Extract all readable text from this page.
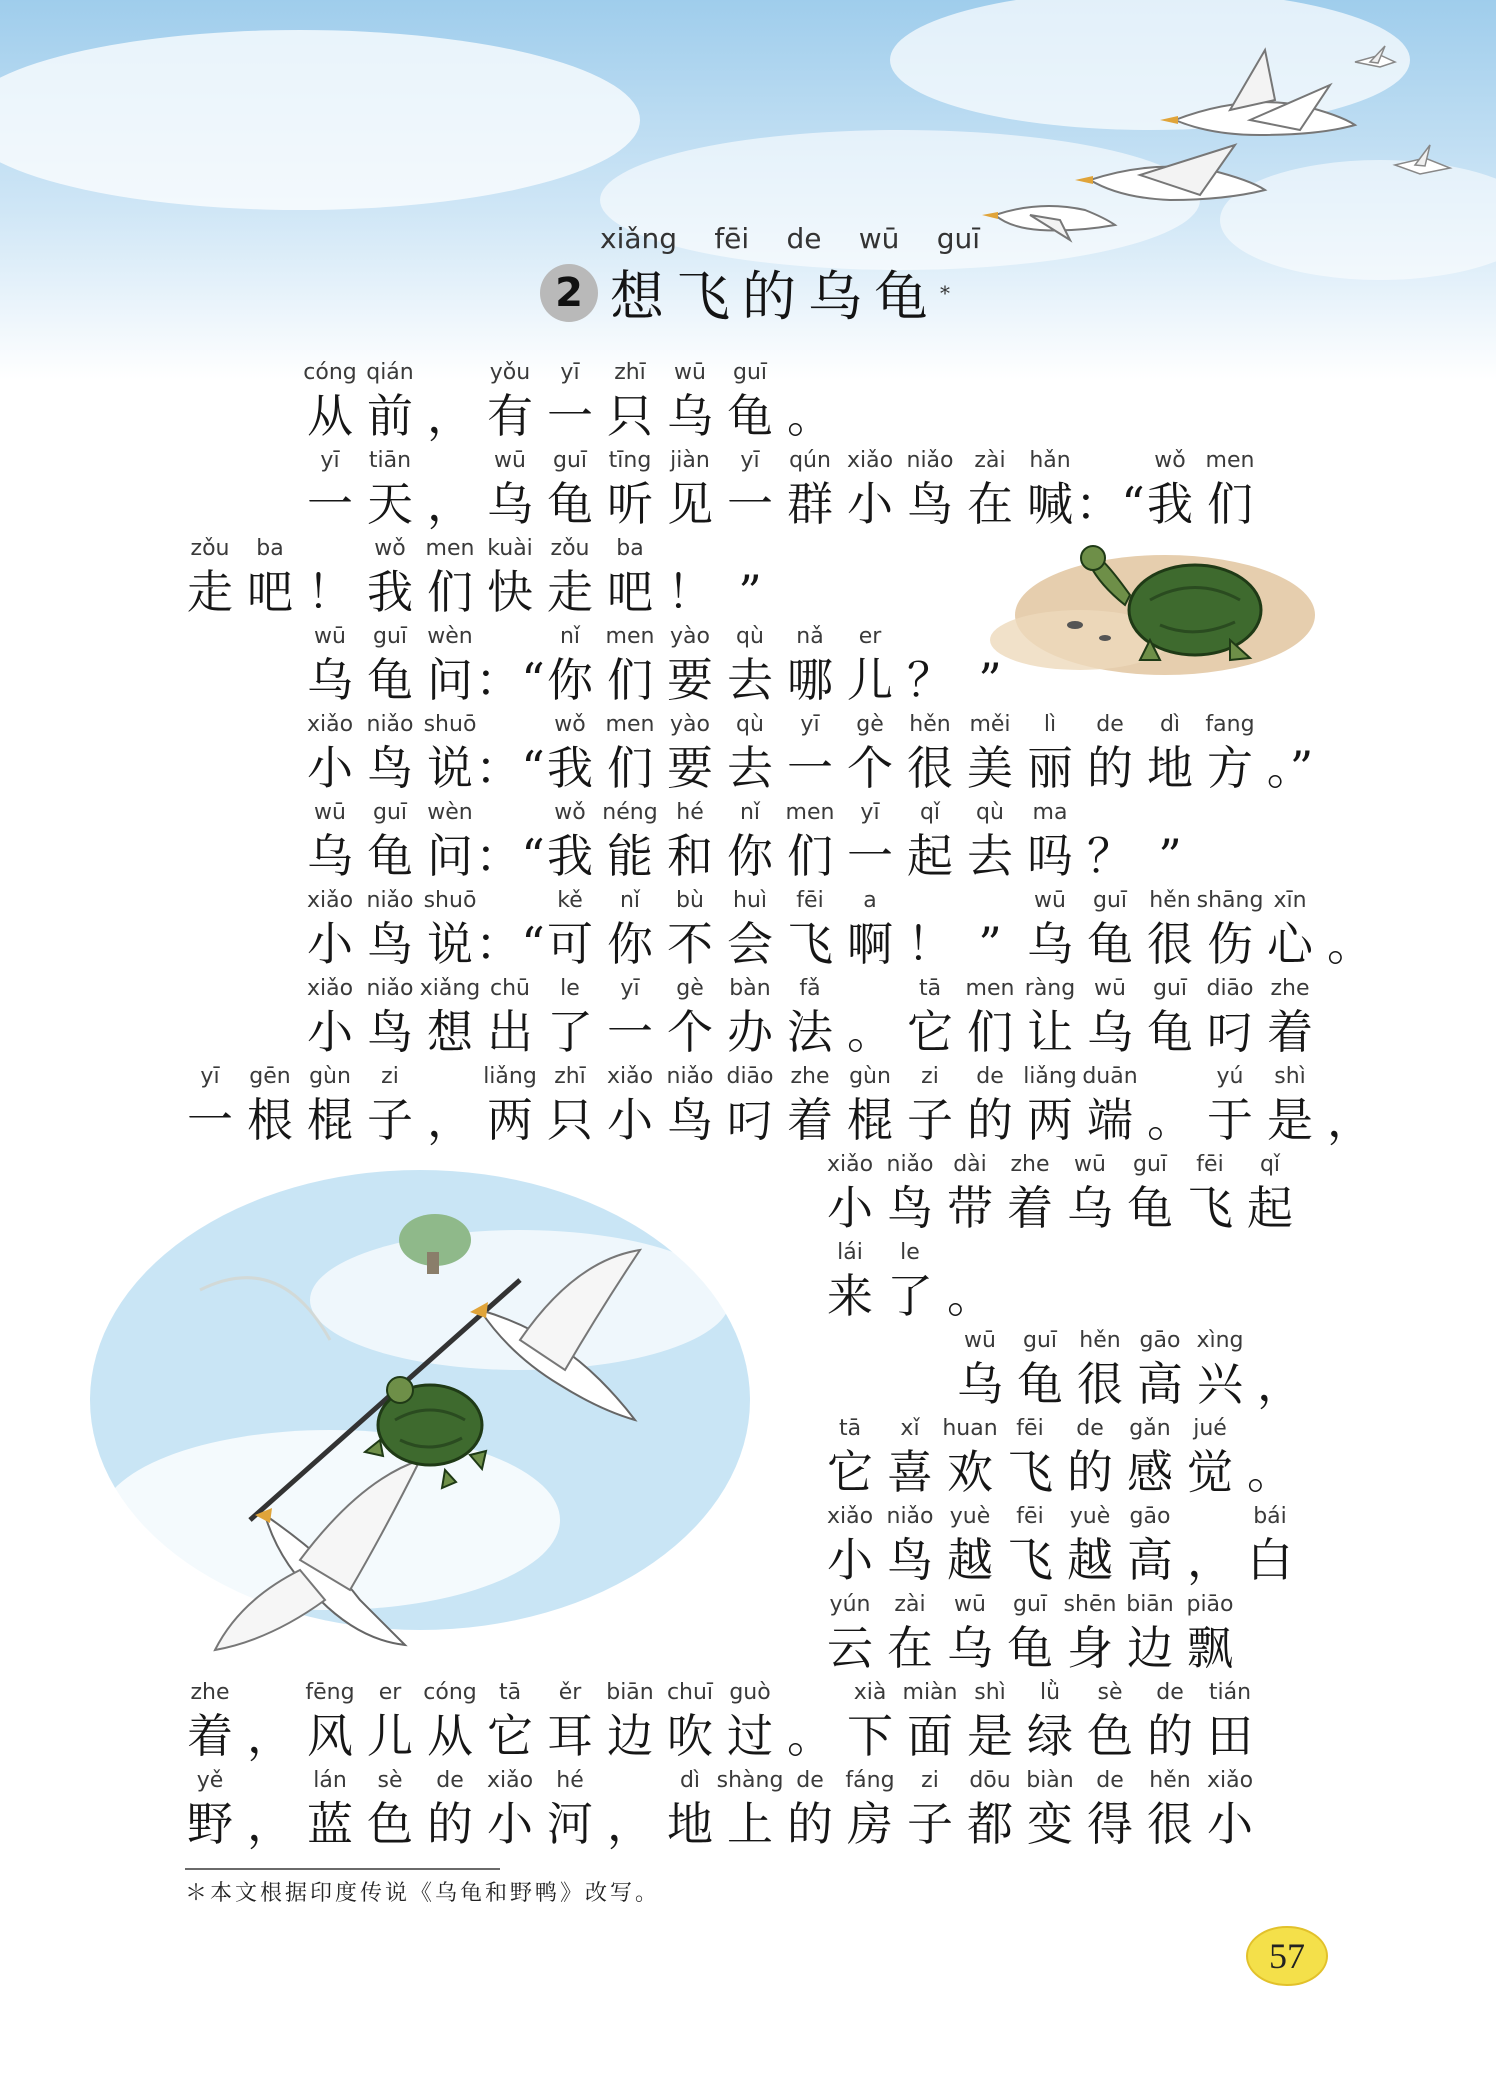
xiǎng fēi de wū guī
2 想飞的乌龟 *
cóng
从
qián
前 ，
yǒu
有
yī
一
zhī
只
wū
乌
guī
龟 。
yī
一
tiān
天 ，
wū
乌
guī
龟
tīng
听
jiàn
见
yī
一
qún
群
xiǎo
小
niǎo
鸟
zài
在
hǎn
喊 ：“
wǒ
我
men
们
zǒu
走
ba
吧 ！
wǒ
我
men
们
kuài
快
zǒu
走
ba
吧 ！ ”
wū
乌
guī
龟
wèn
问 ：“
nǐ
你
men
们
yào
要
qù
去
nǎ
哪
er
儿 ？ ”
xiǎo
小
niǎo
鸟
shuō
说 ：“
wǒ
我
men
们
yào
要
qù
去
yī
一
gè
个
hěn
很
měi
美
lì
丽
de
的
dì
地
fang
方 。”
wū
乌
guī
龟
wèn
问 ：“
wǒ
我
néng
能
hé
和
nǐ
你
men
们
yī
一
qǐ
起
qù
去
ma
吗 ？ ”
xiǎo
小
niǎo
鸟
shuō
说 ：“
kě
可
nǐ
你
bù
不
huì
会
fēi
飞
a
啊 ！ ”
wū
乌
guī
龟
hěn
很
shāng
伤
xīn
心 。
xiǎo
小
niǎo
鸟
xiǎng
想
chū
出
le
了
yī
一
gè
个
bàn
办
fǎ
法 。
tā
它
men
们
ràng
让
wū
乌
guī
龟
diāo
叼
zhe
着
yī
一
gēn
根
gùn
棍
zi
子 ，
liǎng
两
zhī
只
xiǎo
小
niǎo
鸟
diāo
叼
zhe
着
gùn
棍
zi
子
de
的
liǎng
两
duān
端 。
yú
于
shì
是 ，
xiǎo
小
niǎo
鸟
dài
带
zhe
着
wū
乌
guī
龟
fēi
飞
qǐ
起
lái
来
le
了 。
wū
乌
guī
龟
hěn
很
gāo
高
xìng
兴 ，
tā
它
xǐ
喜
huan
欢
fēi
飞
de
的
gǎn
感
jué
觉 。
xiǎo
小
niǎo
鸟
yuè
越
fēi
飞
yuè
越
gāo
高 ，
bái
白
yún
云
zài
在
wū
乌
guī
龟
shēn
身
biān
边
piāo
飘
zhe
着 ，
fēng
风
er
儿
cóng
从
tā
它
ěr
耳
biān
边
chuī
吹
guò
过 。
xià
下
miàn
面
shì
是
lǜ
绿
sè
色
de
的
tián
田
yě
野 ，
lán
蓝
sè
色
de
的
xiǎo
小
hé
河 ，
dì
地
shàng
上
de
的
fáng
房
zi
子
dōu
都
biàn
变
de
得
hěn
很
xiǎo
小
＊本文根据印度传说《乌龟和野鸭》改写。
57
